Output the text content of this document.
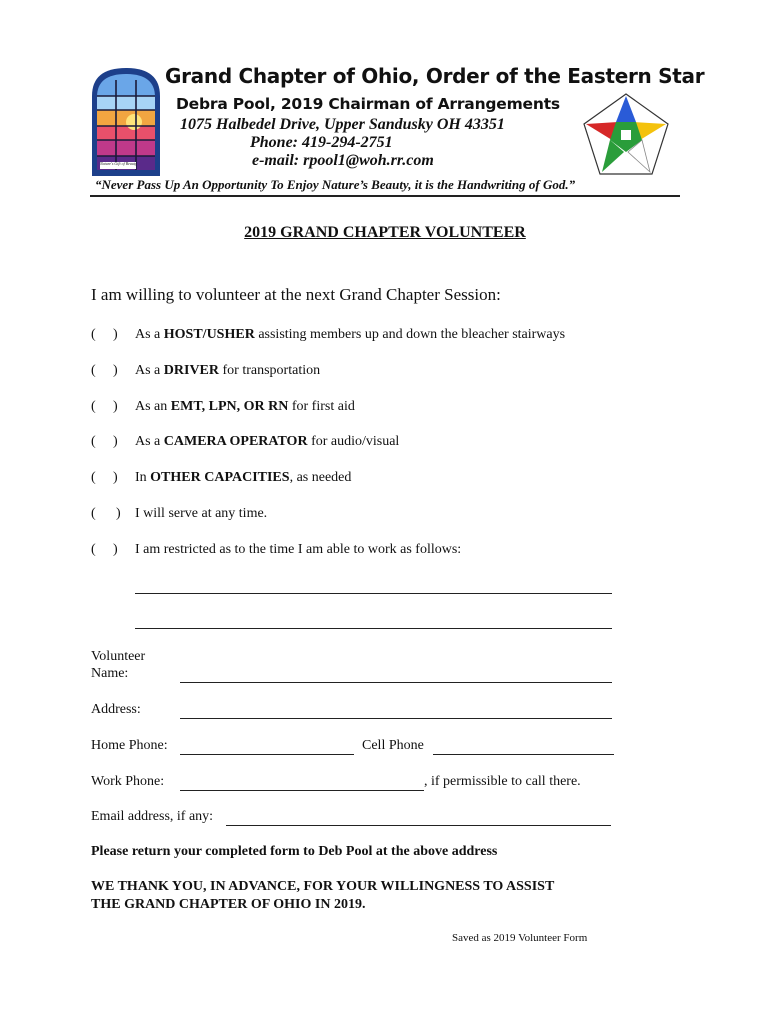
Nature's Gift of Beauty
Grand Chapter of Ohio, Order of the Eastern Star
Debra Pool, 2019 Chairman of Arrangements
1075 Halbedel Drive, Upper Sandusky OH 43351
Phone: 419-294-2751
e-mail: rpool1@woh.rr.com
“Never Pass Up An Opportunity To Enjoy Nature’s Beauty, it is the Handwriting of God.”
2019 GRAND CHAPTER VOLUNTEER
I am willing to volunteer at the next Grand Chapter Session:
( ) As a HOST/USHER assisting members up and down the bleacher stairways
( ) As a DRIVER for transportation
( ) As an EMT, LPN, OR RN for first aid
( ) As a CAMERA OPERATOR for audio/visual
( ) In OTHER CAPACITIES, as needed
( ) I will serve at any time.
( ) I am restricted as to the time I am able to work as follows:
Volunteer
Name:
Address:
Home Phone:	Cell Phone
Work Phone:	, if permissible to call there.
Email address, if any:
Please return your completed form to Deb Pool at the above address
WE THANK YOU, IN ADVANCE, FOR YOUR WILLINGNESS TO ASSIST
THE GRAND CHAPTER OF OHIO IN 2019.
Saved as 2019 Volunteer Form
